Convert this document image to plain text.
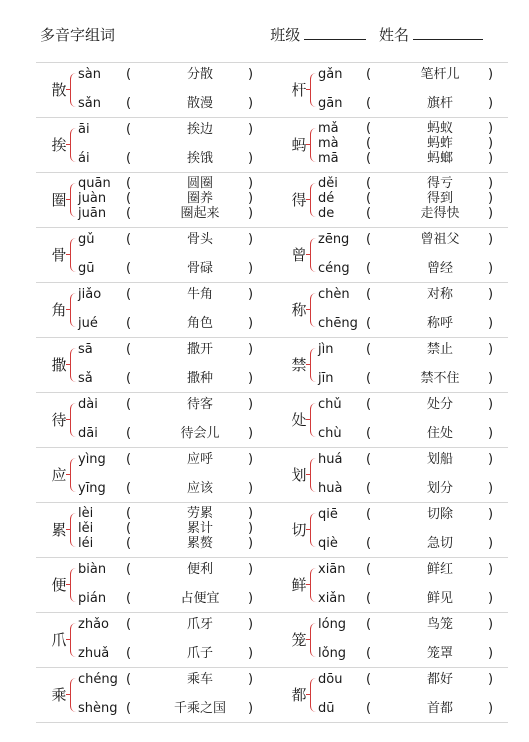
多音字组词	班级	姓名
散
sàn	(	分散	)
sǎn	(	散漫	)
杆
gǎn	(	笔杆儿	)
gān	(	旗杆	)
挨
āi	(	挨边	)
ái	(	挨饿	)
蚂
mǎ	(	蚂蚁	)
mà	(	蚂蚱	)
mā	(	蚂螂	)
圈
quān	(	圆圈	)
juàn	(	圈养	)
juān	(	圈起来	)
得
děi	(	得亏	)
dé	(	得到	)
de	(	走得快	)
骨
gǔ	(	骨头	)
gū	(	骨碌	)
曾
zēng	(	曾祖父	)
céng	(	曾经	)
角
jiǎo	(	牛角	)
jué	(	角色	)
称
chèn	(	对称	)
chēng (	称呼	)
撒
sā	(	撒开	)
sǎ	(	撒种	)
禁
jìn	(	禁止	)
jīn	(	禁不住	)
待
dài	(	待客	)
dāi	(	待会儿	)
处
chǔ	(	处分	)
chù	(	住处	)
应
yìng	(	应呼	)
yīng	(	应该	)
划
huá	(	划船	)
huà	(	划分	)
累
lèi	(	劳累	)
lěi	(	累计	)
léi	(	累赘	)
切
qiē	(	切除	)
qiè	(	急切	)
便
biàn	(	便利	)
pián	(	占便宜	)
鲜
xiān	(	鲜红	)
xiǎn	(	鲜见	)
爪
zhǎo	(	爪牙	)
zhuǎ	(	爪子	)
笼
lóng	(	鸟笼	)
lǒng	(	笼罩	)
乘
chéng (	乘车	)
shèng (	千乘之国	)
都
dōu	(	都好	)
dū	(	首都	)
